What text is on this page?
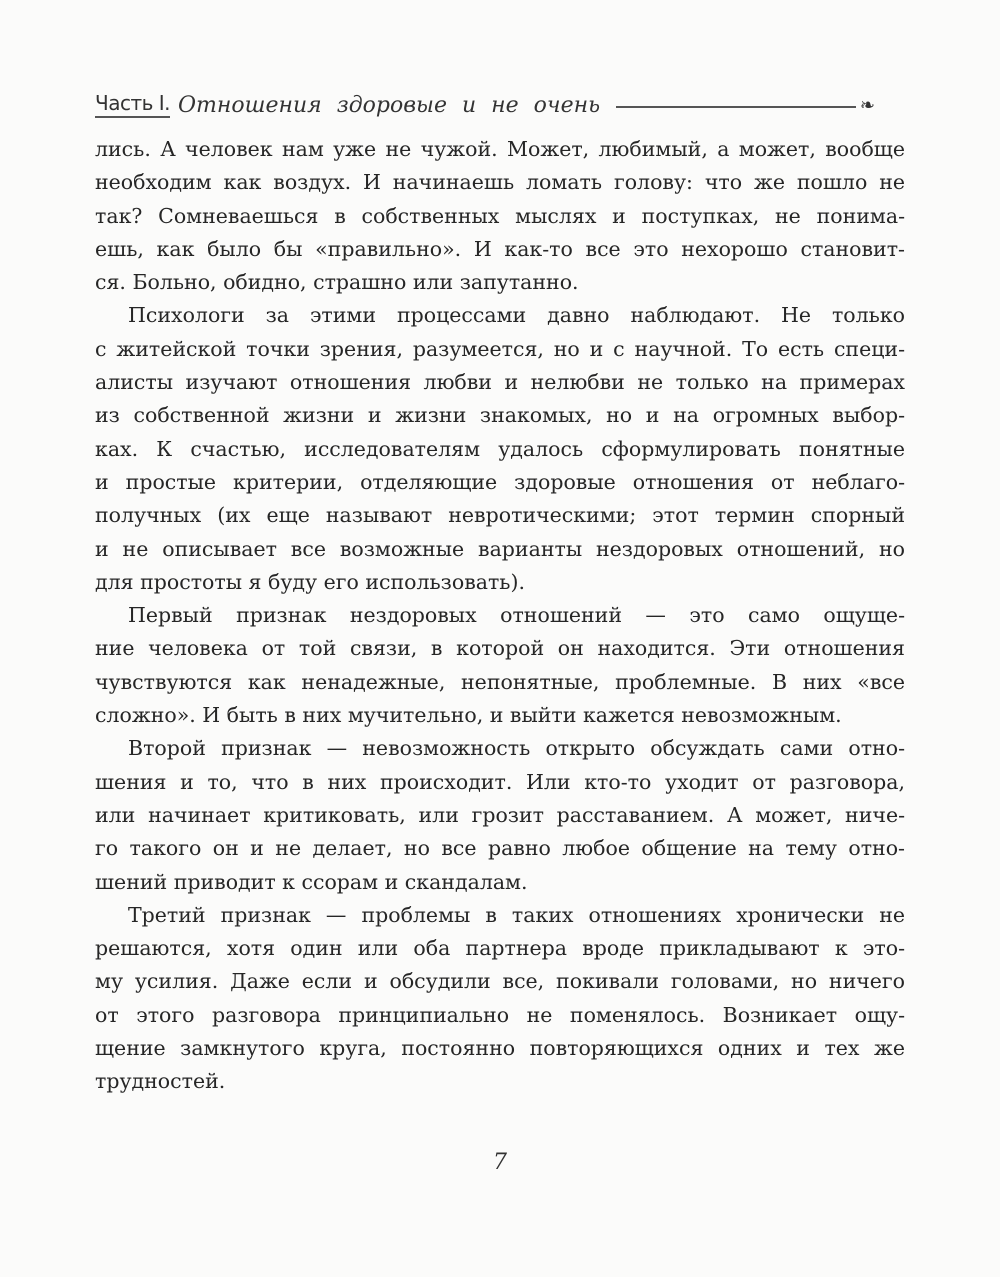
Часть I. Отношения здоровые и не очень	❧
лись. А человек нам уже не чужой. Может, любимый, а может, вообще
необходим как воздух. И начинаешь ломать голову: что же пошло не
так? Сомневаешься в собственных мыслях и поступках, не понима-
ешь, как было бы «правильно». И как-то все это нехорошо становит-
ся. Больно, обидно, страшно или запутанно.
Психологи за этими процессами давно наблюдают. Не только
с житейской точки зрения, разумеется, но и с научной. То есть специ-
алисты изучают отношения любви и нелюбви не только на примерах
из собственной жизни и жизни знакомых, но и на огромных выбор-
ках. К счастью, исследователям удалось сформулировать понятные
и простые критерии, отделяющие здоровые отношения от неблаго-
получных (их еще называют невротическими; этот термин спорный
и не описывает все возможные варианты нездоровых отношений, но
для простоты я буду его использовать).
Первый признак нездоровых отношений — это само ощуще-
ние человека от той связи, в которой он находится. Эти отношения
чувствуются как ненадежные, непонятные, проблемные. В них «все
сложно». И быть в них мучительно, и выйти кажется невозможным.
Второй признак — невозможность открыто обсуждать сами отно-
шения и то, что в них происходит. Или кто-то уходит от разговора,
или начинает критиковать, или грозит расставанием. А может, ниче-
го такого он и не делает, но все равно любое общение на тему отно-
шений приводит к ссорам и скандалам.
Третий признак — проблемы в таких отношениях хронически не
решаются, хотя один или оба партнера вроде прикладывают к это-
му усилия. Даже если и обсудили все, покивали головами, но ничего
от этого разговора принципиально не поменялось. Возникает ощу-
щение замкнутого круга, постоянно повторяющихся одних и тех же
трудностей.
7
